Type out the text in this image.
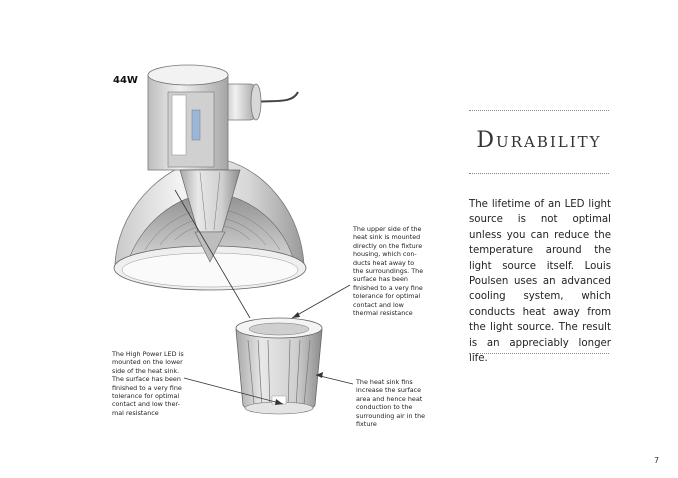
44W
The upper side of the heat sink is mounted directly on the fixture housing, which con-ducts heat away to the surroundings. The surface has been finished to a very fine tolerance for optimal contact and low thermal resistance
The High Power LED is mounted on the lower side of the heat sink. The surface has been finished to a very fine tolerance for optimal contact and low ther-mal resistance
The heat sink fins increase the surface area and hence heat conduction to the surrounding air in the fixture
Durability
The lifetime of an LED light source is not optimal unless you can reduce the temperature around the light source itself. Louis Poulsen uses an advanced cooling system, which conducts heat away from the light source. The result is an appreciably longer life.
7
